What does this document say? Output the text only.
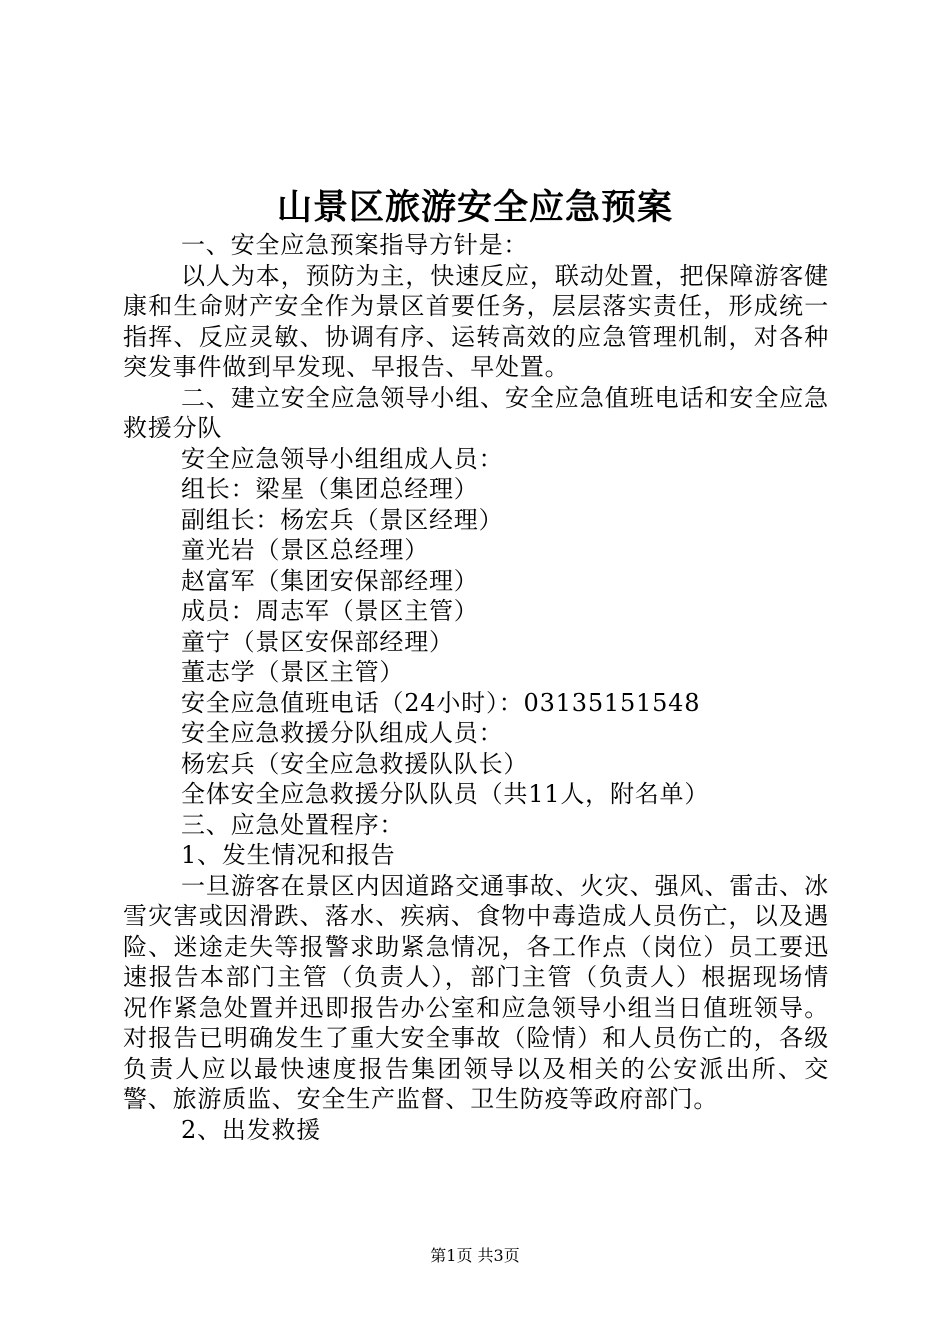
山景区旅游安全应急预案

一、安全应急预案指导方针是：

以人为本，预防为主，快速反应，联动处置，把保障游客健康和生命财产安全作为景区首要任务，层层落实责任，形成统一指挥、反应灵敏、协调有序、运转高效的应急管理机制，对各种突发事件做到早发现、早报告、早处置。

二、建立安全应急领导小组、安全应急值班电话和安全应急救援分队

安全应急领导小组组成人员：

组长：梁星（集团总经理）

副组长：杨宏兵（景区经理）

童光岩（景区总经理）

赵富军（集团安保部经理）

成员：周志军（景区主管）

童宁（景区安保部经理）

董志学（景区主管）

安全应急值班电话（24小时）：03135151548

安全应急救援分队组成人员：

杨宏兵（安全应急救援队队长）

全体安全应急救援分队队员（共11人，附名单）

三、应急处置程序：

1、发生情况和报告

一旦游客在景区内因道路交通事故、火灾、强风、雷击、冰雪灾害或因滑跌、落水、疾病、食物中毒造成人员伤亡，以及遇险、迷途走失等报警求助紧急情况，各工作点（岗位）员工要迅速报告本部门主管（负责人），部门主管（负责人）根据现场情况作紧急处置并迅即报告办公室和应急领导小组当日值班领导。对报告已明确发生了重大安全事故（险情）和人员伤亡的，各级负责人应以最快速度报告集团领导以及相关的公安派出所、交警、旅游质监、安全生产监督、卫生防疫等政府部门。

2、出发救援

第1页 共3页
